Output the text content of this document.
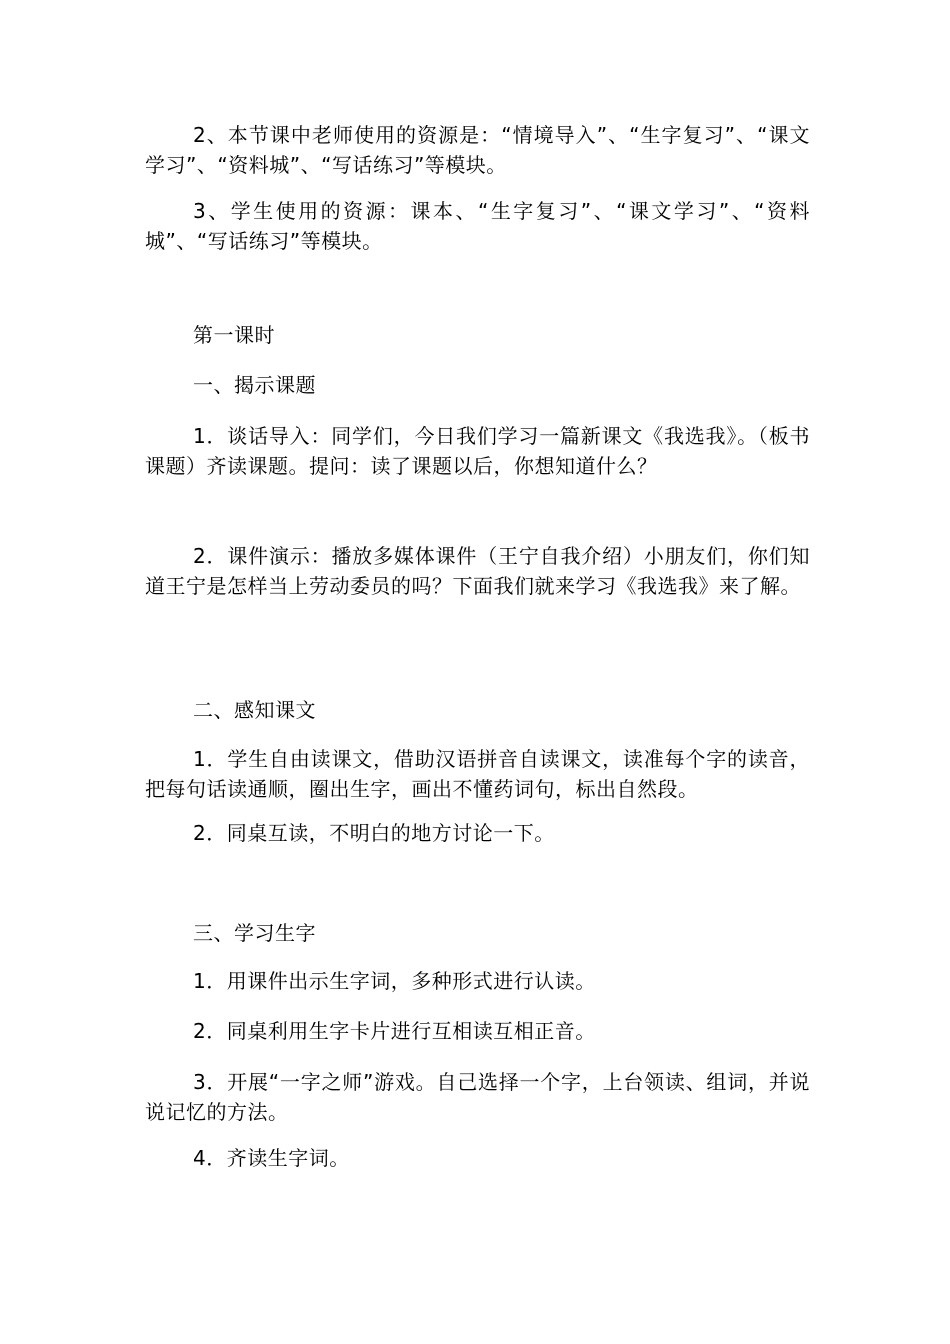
2、本节课中老师使用的资源是：“情境导入”、“生字复习”、“课文学习”、“资料城”、“写话练习”等模块。

3、学生使用的资源：课本、“生字复习”、“课文学习”、“资料城”、“写话练习”等模块。

第一课时

一、揭示课题

1．谈话导入：同学们，今日我们学习一篇新课文《我选我》。（板书课题）齐读课题。提问：读了课题以后，你想知道什么？

2．课件演示：播放多媒体课件（王宁自我介绍）小朋友们，你们知道王宁是怎样当上劳动委员的吗？下面我们就来学习《我选我》来了解。

二、感知课文

1．学生自由读课文，借助汉语拼音自读课文，读准每个字的读音，把每句话读通顺，圈出生字，画出不懂药词句，标出自然段。

2．同桌互读，不明白的地方讨论一下。

三、学习生字

1．用课件出示生字词，多种形式进行认读。

2．同桌利用生字卡片进行互相读互相正音。

3．开展“一字之师”游戏。自己选择一个字，上台领读、组词，并说说记忆的方法。

4．齐读生字词。
